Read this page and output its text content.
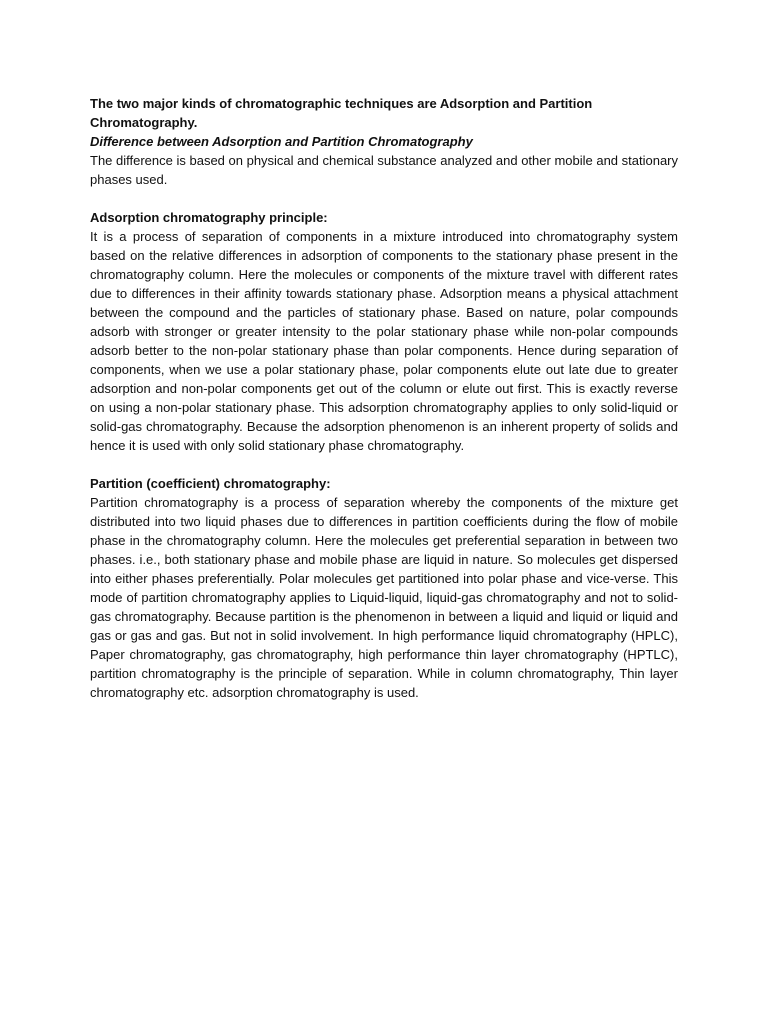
The two major kinds of chromatographic techniques are Adsorption and Partition Chromatography.

Difference between Adsorption and Partition Chromatography

The difference is based on physical and chemical substance analyzed and other mobile and stationary phases used.

Adsorption chromatography principle:

It is a process of separation of components in a mixture introduced into chromatography system based on the relative differences in adsorption of components to the stationary phase present in the chromatography column. Here the molecules or components of the mixture travel with different rates due to differences in their affinity towards stationary phase. Adsorption means a physical attachment between the compound and the particles of stationary phase. Based on nature, polar compounds adsorb with stronger or greater intensity to the polar stationary phase while non-polar compounds adsorb better to the non-polar stationary phase than polar components. Hence during separation of components, when we use a polar stationary phase, polar components elute out late due to greater adsorption and non-polar components get out of the column or elute out first. This is exactly reverse on using a non-polar stationary phase. This adsorption chromatography applies to only solid-liquid or solid-gas chromatography. Because the adsorption phenomenon is an inherent property of solids and hence it is used with only solid stationary phase chromatography.

Partition (coefficient) chromatography:

Partition chromatography is a process of separation whereby the components of the mixture get distributed into two liquid phases due to differences in partition coefficients during the flow of mobile phase in the chromatography column. Here the molecules get preferential separation in between two phases. i.e., both stationary phase and mobile phase are liquid in nature. So molecules get dispersed into either phases preferentially. Polar molecules get partitioned into polar phase and vice-verse. This mode of partition chromatography applies to Liquid-liquid, liquid-gas chromatography and not to solid-gas chromatography. Because partition is the phenomenon in between a liquid and liquid or liquid and gas or gas and gas. But not in solid involvement. In high performance liquid chromatography (HPLC), Paper chromatography, gas chromatography, high performance thin layer chromatography (HPTLC), partition chromatography is the principle of separation. While in column chromatography, Thin layer chromatography etc. adsorption chromatography is used.
